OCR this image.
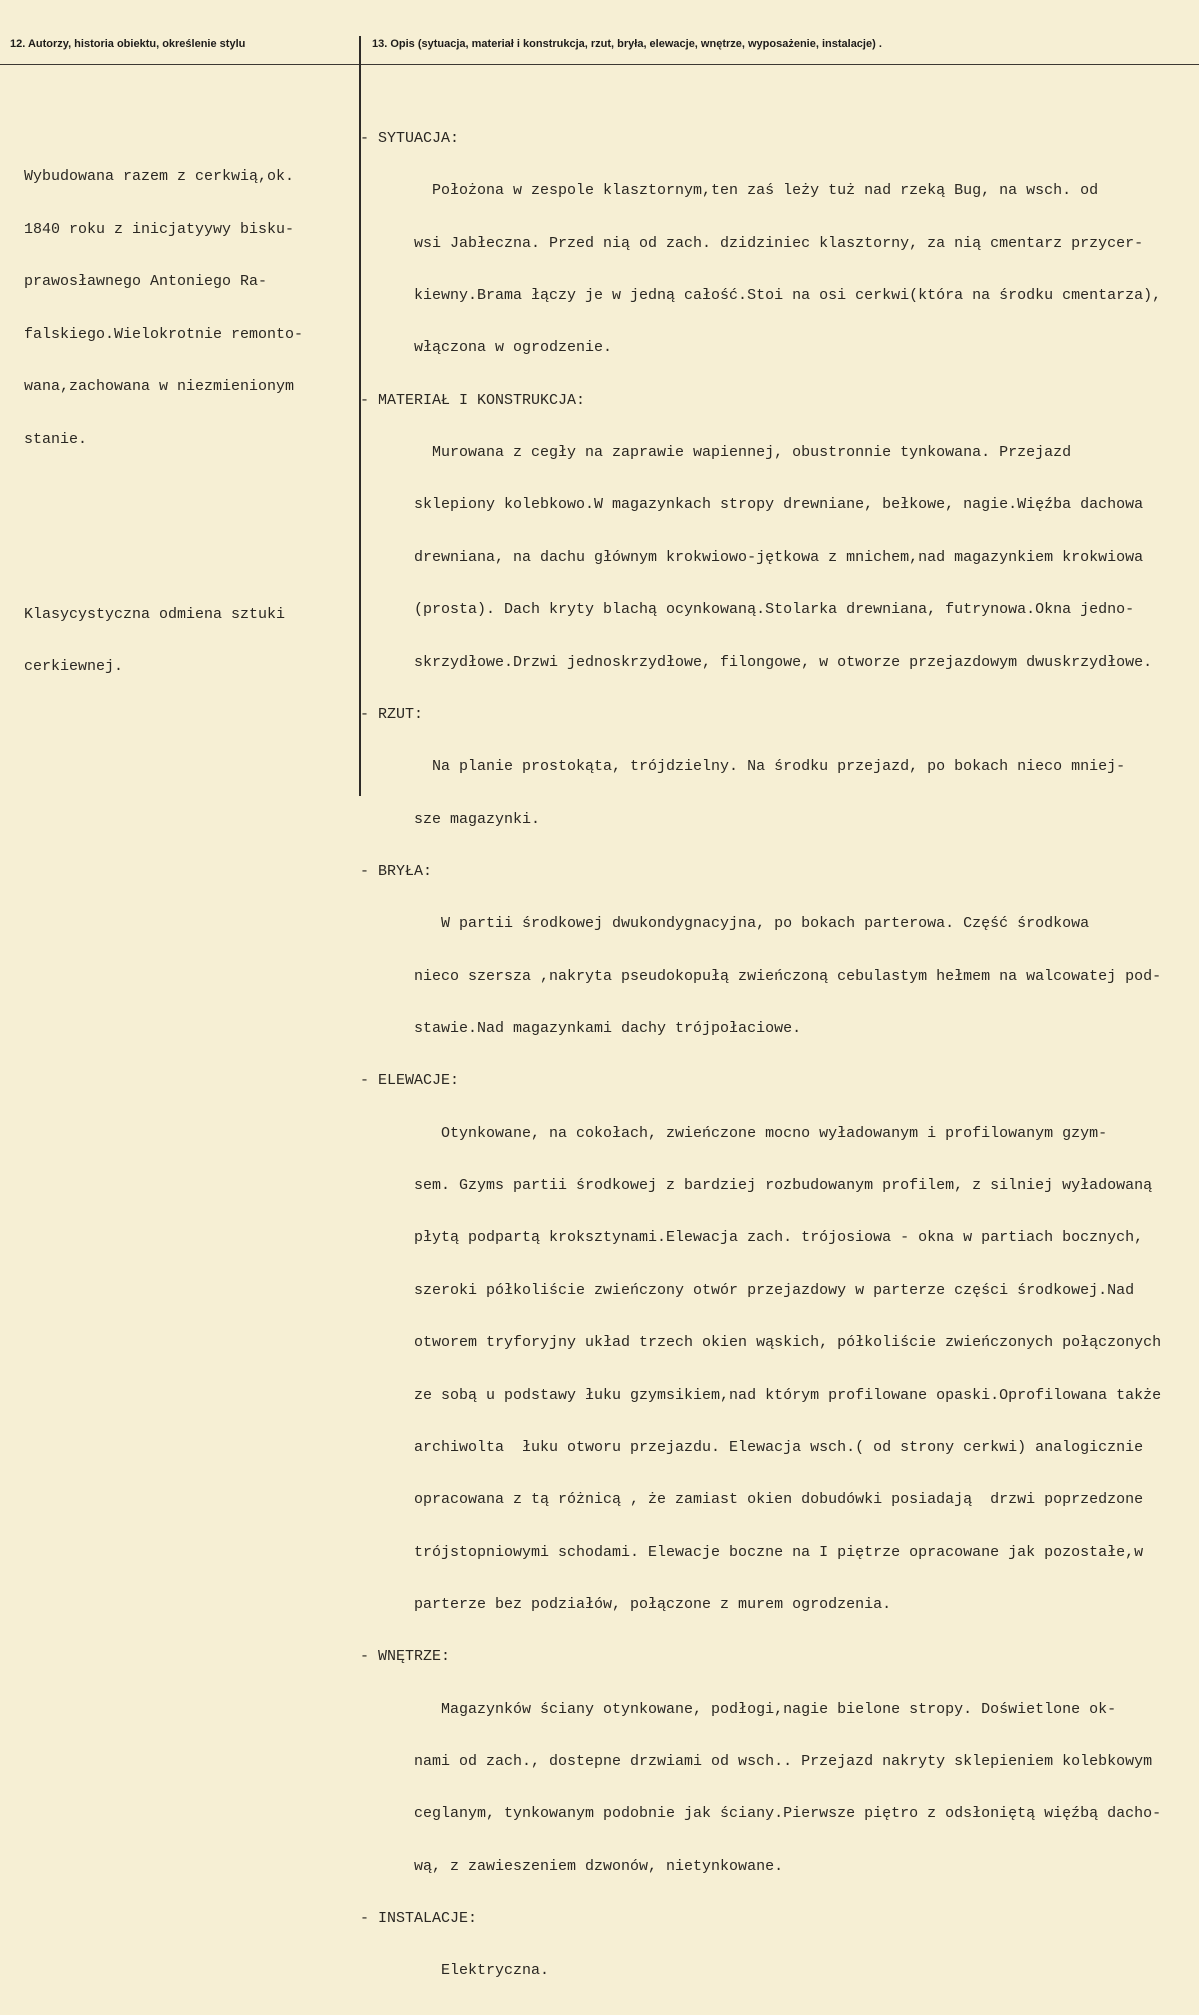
12. Autorzy, historia obiektu, określenie stylu	13. Opis (sytuacja, materiał i konstrukcja, rzut, bryła, elewacje, wnętrze, wyposażenie, instalacje) .

Wybudowana razem z cerkwią,ok.

1840 roku z inicjatyywy bisku-

prawosławnego Antoniego Ra-

falskiego.Wielokrotnie remonto-

wana,zachowana w niezmienionym

stanie.

Klasycystyczna odmiena sztuki

cerkiewnej.

- SYTUACJA:

Położona w zespole klasztornym,ten zaś leży tuż nad rzeką Bug, na wsch. od

wsi Jabłeczna. Przed nią od zach. dzidziniec klasztorny, za nią cmentarz przycer-

kiewny.Brama łączy je w jedną całość.Stoi na osi cerkwi(która na środku cmentarza),

włączona w ogrodzenie.

- MATERIAŁ I KONSTRUKCJA:

Murowana z cegły na zaprawie wapiennej, obustronnie tynkowana. Przejazd

sklepiony kolebkowo.W magazynkach stropy drewniane, bełkowe, nagie.Więźba dachowa

drewniana, na dachu głównym krokwiowo-jętkowa z mnichem,nad magazynkiem krokwiowa

(prosta). Dach kryty blachą ocynkowaną.Stolarka drewniana, futrynowa.Okna jedno-

skrzydłowe.Drzwi jednoskrzydłowe, filongowe, w otworze przejazdowym dwuskrzydłowe.

- RZUT:

Na planie prostokąta, trójdzielny. Na środku przejazd, po bokach nieco mniej-

sze magazynki.

- BRYŁA:

W partii środkowej dwukondygnacyjna, po bokach parterowa. Część środkowa

nieco szersza ,nakryta pseudokopułą zwieńczoną cebulastym hełmem na walcowatej pod-

stawie.Nad magazynkami dachy trójpołaciowe.

- ELEWACJE:

Otynkowane, na cokołach, zwieńczone mocno wyładowanym i profilowanym gzym-

sem. Gzyms partii środkowej z bardziej rozbudowanym profilem, z silniej wyładowaną

płytą podpartą kroksztynami.Elewacja zach. trójosiowa - okna w partiach bocznych,

szeroki półkoliście zwieńczony otwór przejazdowy w parterze części środkowej.Nad

otworem tryforyjny układ trzech okien wąskich, półkoliście zwieńczonych połączonych

ze sobą u podstawy łuku gzymsikiem,nad którym profilowane opaski.Oprofilowana także

archiwolta  łuku otworu przejazdu. Elewacja wsch.( od strony cerkwi) analogicznie

opracowana z tą różnicą , że zamiast okien dobudówki posiadają  drzwi poprzedzone

trójstopniowymi schodami. Elewacje boczne na I piętrze opracowane jak pozostałe,w

parterze bez podziałów, połączone z murem ogrodzenia.

- WNĘTRZE:

Magazynków ściany otynkowane, podłogi,nagie bielone stropy. Doświetlone ok-

nami od zach., dostepne drzwiami od wsch.. Przejazd nakryty sklepieniem kolebkowym

ceglanym, tynkowanym podobnie jak ściany.Pierwsze piętro z odsłoniętą więźbą dacho-

wą, z zawieszeniem dzwonów, nietynkowane.

- INSTALACJE:

Elektryczna.
